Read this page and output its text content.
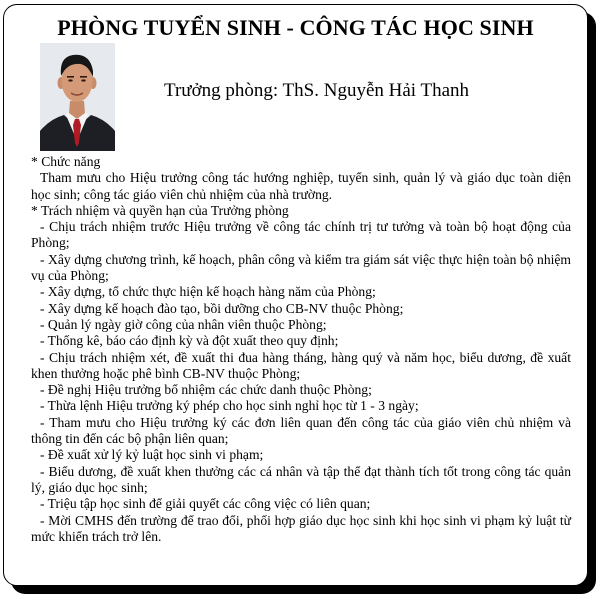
PHÒNG TUYỂN SINH - CÔNG TÁC HỌC SINH
Trưởng phòng: ThS. Nguyễn Hải Thanh

* Chức năng

Tham mưu cho Hiệu trưởng công tác hướng nghiệp, tuyển sinh, quản lý và giáo dục toàn diện học sinh; công tác giáo viên chủ nhiệm của nhà trường.

* Trách nhiệm và quyền hạn của Trưởng phòng

- Chịu trách nhiệm trước Hiệu trưởng về công tác chính trị tư tưởng và toàn bộ hoạt động của Phòng;

- Xây dựng chương trình, kế hoạch, phân công và kiểm tra giám sát việc thực hiện toàn bộ nhiệm vụ của Phòng;

- Xây dựng, tổ chức thực hiện kế hoạch hàng năm của Phòng;

- Xây dựng kế hoạch đào tạo, bồi dưỡng cho CB-NV thuộc Phòng;

- Quản lý ngày giờ công của nhân viên thuộc Phòng;

- Thống kê, báo cáo định kỳ và đột xuất theo quy định;

- Chịu trách nhiệm xét, đề xuất thi đua hàng tháng, hàng quý và năm học, biểu dương, đề xuất khen thưởng hoặc phê bình CB-NV thuộc Phòng;

- Đề nghị Hiệu trưởng bổ nhiệm các chức danh thuộc Phòng;

- Thừa lệnh Hiệu trưởng ký phép cho học sinh nghỉ học từ 1 - 3 ngày;

- Tham mưu cho Hiệu trưởng ký các đơn liên quan đến công tác của giáo viên chủ nhiệm và thông tin đến các bộ phận liên quan;

- Đề xuất xử lý kỷ luật học sinh vi phạm;

- Biểu dương, đề xuất khen thưởng các cá nhân và tập thể đạt thành tích tốt trong công tác quản lý, giáo dục học sinh;

- Triệu tập học sinh để giải quyết các công việc có liên quan;

- Mời CMHS đến trường để trao đổi, phối hợp giáo dục học sinh khi học sinh vi phạm kỷ luật từ mức khiển trách trở lên.
